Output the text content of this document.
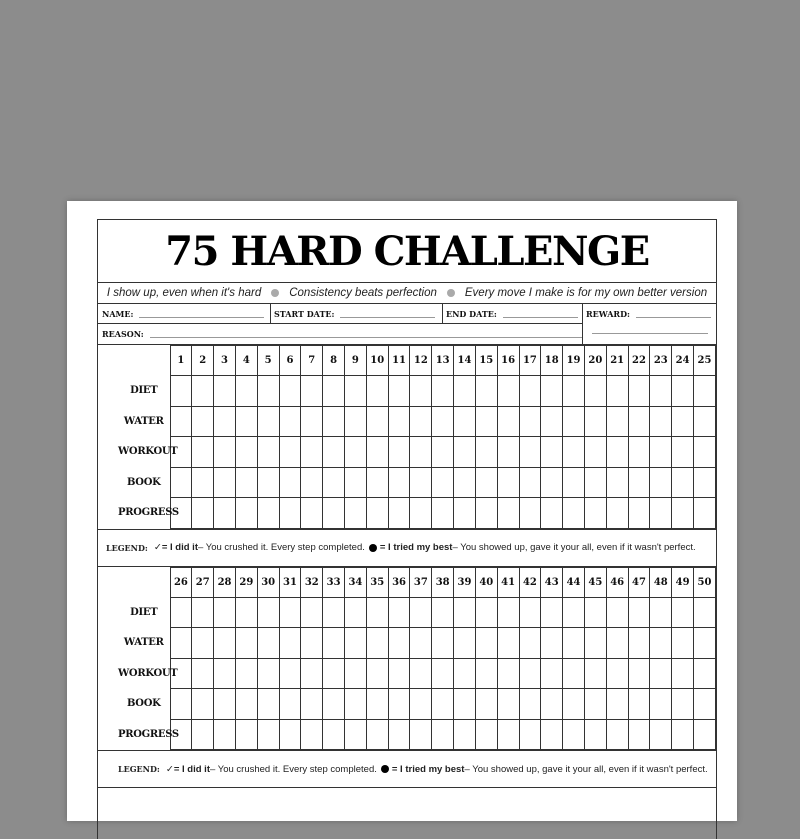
75 HARD CHALLENGE
I show up, even when it's hard Consistency beats perfection Every move I make is for my own better version
NAME:	START DATE:	END DATE:	REWARD:
REASON:
	1	2	3	4	5	6	7	8	9	10	11	12	13	14	15	16	17	18	19	20	21	22	23	24	25
DIET																									
WATER																									
WORKOUT																									
BOOK																									
PROGRESS																									
LEGEND: ✓ = I did it – You crushed it. Every step completed. = I tried my best – You showed up, gave it your all, even if it wasn't perfect.
	26	27	28	29	30	31	32	33	34	35	36	37	38	39	40	41	42	43	44	45	46	47	48	49	50
DIET																									
WATER																									
WORKOUT																									
BOOK																									
PROGRESS																									
LEGEND: ✓ = I did it – You crushed it. Every step completed. = I tried my best – You showed up, gave it your all, even if it wasn't perfect.
